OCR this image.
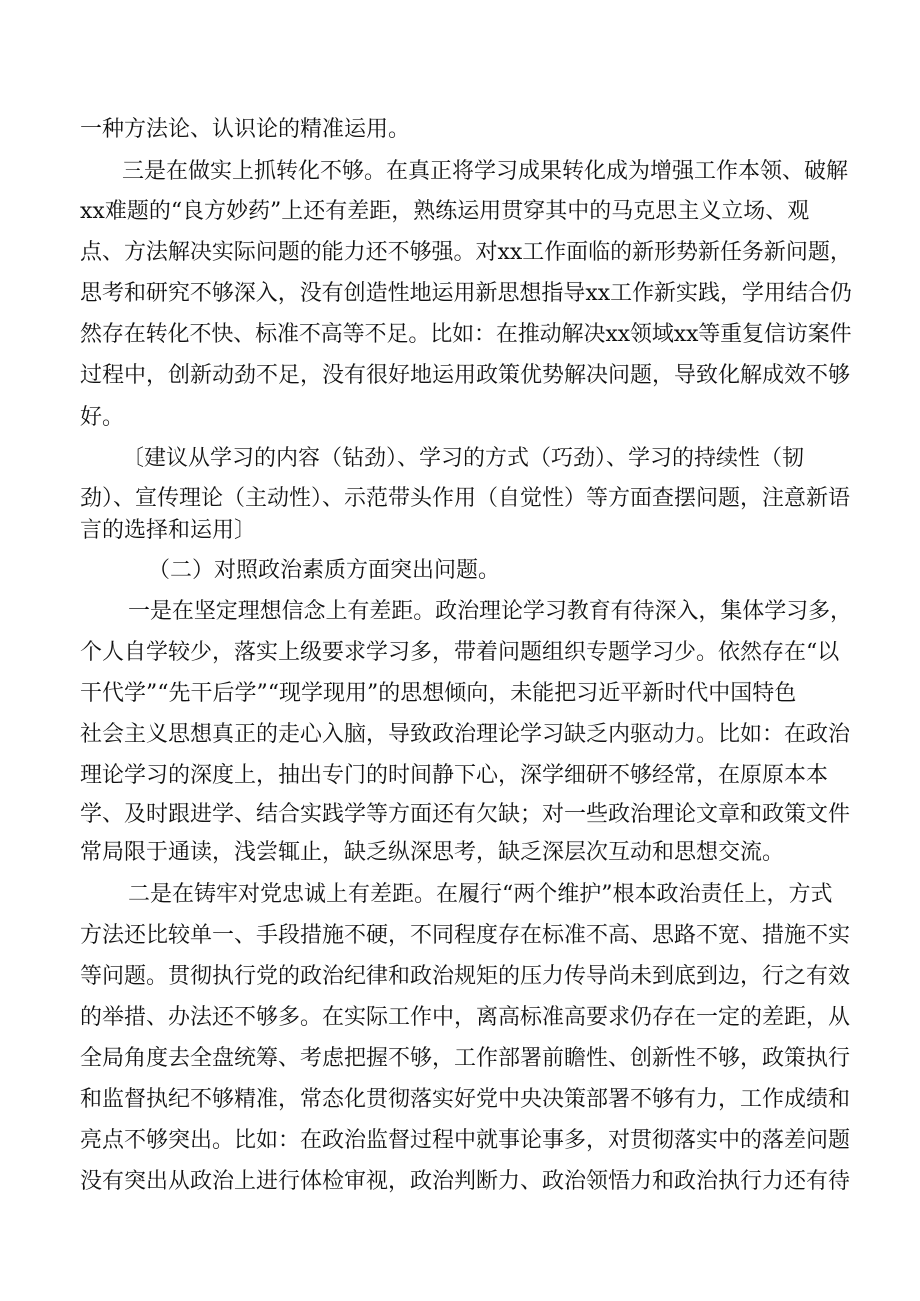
一种方法论、认识论的精准运用。
三是在做实上抓转化不够。在真正将学习成果转化成为增强工作本领、破解
xx难题的“良方妙药”上还有差距，熟练运用贯穿其中的马克思主义立场、观
点、方法解决实际问题的能力还不够强。对xx工作面临的新形势新任务新问题，
思考和研究不够深入，没有创造性地运用新思想指导xx工作新实践，学用结合仍
然存在转化不快、标准不高等不足。比如：在推动解决xx领域xx等重复信访案件
过程中，创新动劲不足，没有很好地运用政策优势解决问题，导致化解成效不够
好。
〔建议从学习的内容（钻劲）、学习的方式（巧劲）、学习的持续性（韧
劲）、宣传理论（主动性）、示范带头作用（自觉性）等方面查摆问题，注意新语
言的选择和运用〕
（二）对照政治素质方面突出问题。
一是在坚定理想信念上有差距。政治理论学习教育有待深入，集体学习多，
个人自学较少，落实上级要求学习多，带着问题组织专题学习少。依然存在“以
干代学”“先干后学”“现学现用”的思想倾向，未能把习近平新时代中国特色
社会主义思想真正的走心入脑，导致政治理论学习缺乏内驱动力。比如：在政治
理论学习的深度上，抽出专门的时间静下心，深学细研不够经常，在原原本本
学、及时跟进学、结合实践学等方面还有欠缺；对一些政治理论文章和政策文件
常局限于通读，浅尝辄止，缺乏纵深思考，缺乏深层次互动和思想交流。
二是在铸牢对党忠诚上有差距。在履行“两个维护”根本政治责任上，方式
方法还比较单一、手段措施不硬，不同程度存在标准不高、思路不宽、措施不实
等问题。贯彻执行党的政治纪律和政治规矩的压力传导尚未到底到边，行之有效
的举措、办法还不够多。在实际工作中，离高标准高要求仍存在一定的差距，从
全局角度去全盘统筹、考虑把握不够，工作部署前瞻性、创新性不够，政策执行
和监督执纪不够精准，常态化贯彻落实好党中央决策部署不够有力，工作成绩和
亮点不够突出。比如：在政治监督过程中就事论事多，对贯彻落实中的落差问题
没有突出从政治上进行体检审视，政治判断力、政治领悟力和政治执行力还有待
